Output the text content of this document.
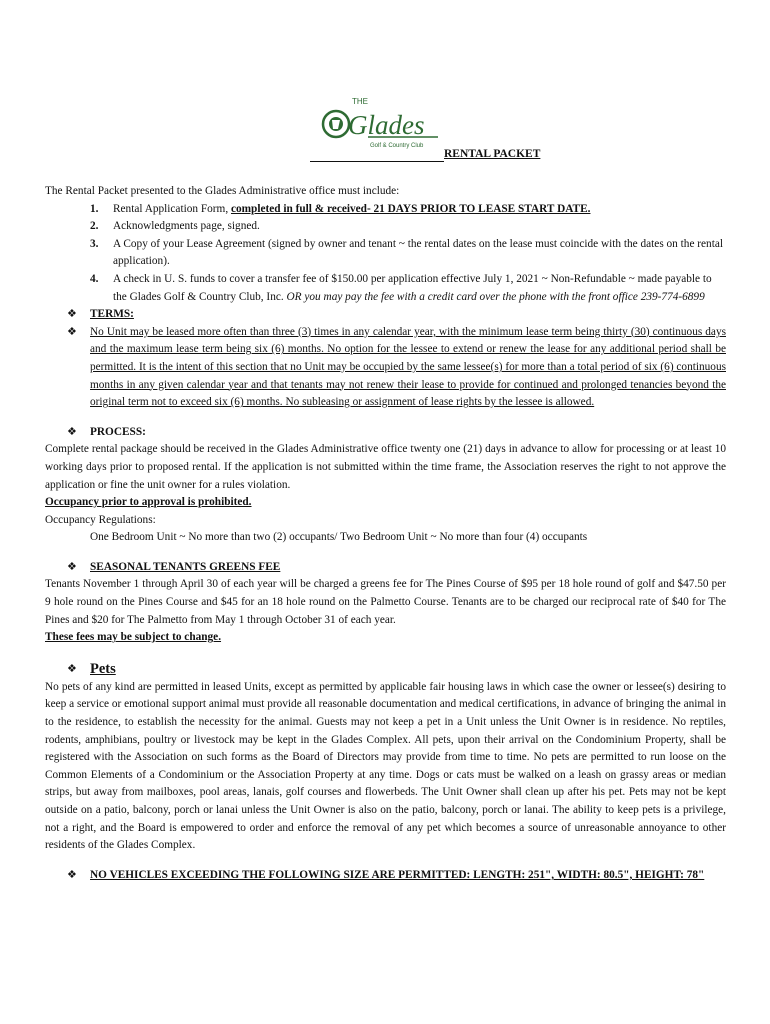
THE
Glades
Golf & Country Club
RENTAL PACKET

The Rental Packet presented to the Glades Administrative office must include:

1. Rental Application Form, completed in full & received- 21 DAYS PRIOR TO LEASE START DATE.
2. Acknowledgments page, signed.
3. A Copy of your Lease Agreement (signed by owner and tenant ~ the rental dates on the lease must coincide with the dates on the rental application).
4. A check in U. S. funds to cover a transfer fee of $150.00 per application effective July 1, 2021 ~ Non-Refundable ~ made payable to the Glades Golf & Country Club, Inc. OR you may pay the fee with a credit card over the phone with the front office 239-774-6899
❖ TERMS:
❖ No Unit may be leased more often than three (3) times in any calendar year, with the minimum lease term being thirty (30) continuous days and the maximum lease term being six (6) months. No option for the lessee to extend or renew the lease for any additional period shall be permitted. It is the intent of this section that no Unit may be occupied by the same lessee(s) for more than a total period of six (6) continuous months in any given calendar year and that tenants may not renew their lease to provide for continued and prolonged tenancies beyond the original term not to exceed six (6) months. No subleasing or assignment of lease rights by the lessee is allowed.
❖ PROCESS:

Complete rental package should be received in the Glades Administrative office twenty one (21) days in advance to allow for processing or at least 10 working days prior to proposed rental. If the application is not submitted within the time frame, the Association reserves the right to not approve the application or fine the unit owner for a rules violation.

Occupancy prior to approval is prohibited.

Occupancy Regulations:

One Bedroom Unit ~ No more than two (2) occupants/ Two Bedroom Unit ~ No more than four (4) occupants

❖ SEASONAL TENANTS GREENS FEE

Tenants November 1 through April 30 of each year will be charged a greens fee for The Pines Course of $95 per 18 hole round of golf and $47.50 per 9 hole round on the Pines Course and $45 for an 18 hole round on the Palmetto Course. Tenants are to be charged our reciprocal rate of $40 for The Pines and $20 for The Palmetto from May 1 through October 31 of each year.

These fees may be subject to change.

❖ Pets

No pets of any kind are permitted in leased Units, except as permitted by applicable fair housing laws in which case the owner or lessee(s) desiring to keep a service or emotional support animal must provide all reasonable documentation and medical certifications, in advance of bringing the animal in to the residence, to establish the necessity for the animal. Guests may not keep a pet in a Unit unless the Unit Owner is in residence. No reptiles, rodents, amphibians, poultry or livestock may be kept in the Glades Complex. All pets, upon their arrival on the Condominium Property, shall be registered with the Association on such forms as the Board of Directors may provide from time to time. No pets are permitted to run loose on the Common Elements of a Condominium or the Association Property at any time. Dogs or cats must be walked on a leash on grassy areas or median strips, but away from mailboxes, pool areas, lanais, golf courses and flowerbeds. The Unit Owner shall clean up after his pet. Pets may not be kept outside on a patio, balcony, porch or lanai unless the Unit Owner is also on the patio, balcony, porch or lanai. The ability to keep pets is a privilege, not a right, and the Board is empowered to order and enforce the removal of any pet which becomes a source of unreasonable annoyance to other residents of the Glades Complex.

❖ NO VEHICLES EXCEEDING THE FOLLOWING SIZE ARE PERMITTED: LENGTH: 251", WIDTH: 80.5", HEIGHT: 78"
